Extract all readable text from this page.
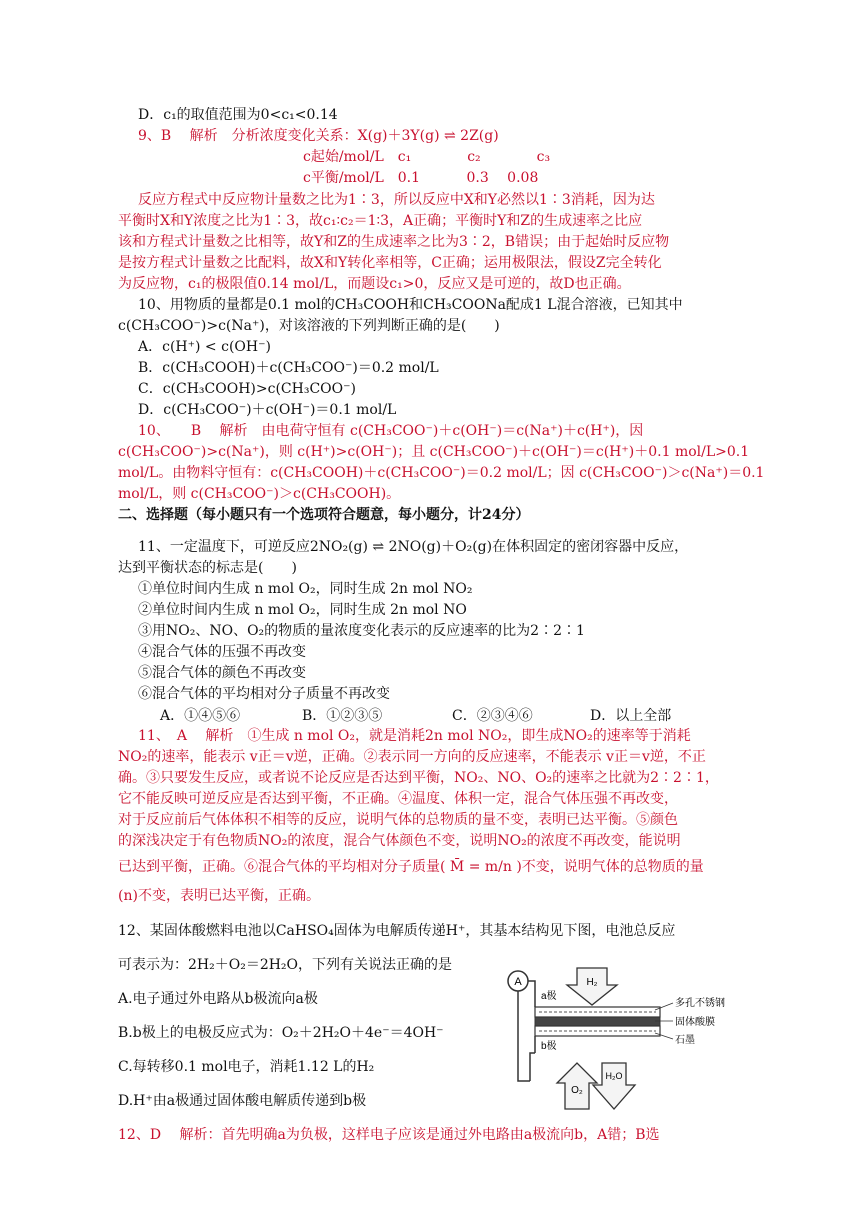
D．c₁的取值范围为0<c₁<0.14
9、B　 解析　分析浓度变化关系：X(g)＋3Y(g) ⇌ 2Z(g)
c起始/mol/L　c₁　　　　c₂　　　　c₃
c平衡/mol/L　0.1　　　 0.3　 0.08
反应方程式中反应物计量数之比为1∶3，所以反应中X和Y必然以1∶3消耗，因为达
平衡时X和Y浓度之比为1∶3，故c₁∶c₂＝1∶3，A正确；平衡时Y和Z的生成速率之比应
该和方程式计量数之比相等，故Y和Z的生成速率之比为3∶2，B错误；由于起始时反应物
是按方程式计量数之比配料，故X和Y转化率相等，C正确；运用极限法，假设Z完全转化
为反应物，c₁的极限值0.14 mol/L，而题设c₁>0，反应又是可逆的，故D也正确。
10、用物质的量都是0.1 mol的CH₃COOH和CH₃COONa配成1 L混合溶液，已知其中
c(CH₃COO⁻)>c(Na⁺)，对该溶液的下列判断正确的是(　　)
A．c(H⁺) < c(OH⁻)
B．c(CH₃COOH)＋c(CH₃COO⁻)＝0.2 mol/L
C．c(CH₃COOH)>c(CH₃COO⁻)
D．c(CH₃COO⁻)＋c(OH⁻)＝0.1 mol/L
10、　　B　 解析　由电荷守恒有 c(CH₃COO⁻)＋c(OH⁻)＝c(Na⁺)＋c(H⁺)，因
c(CH₃COO⁻)>c(Na⁺)，则 c(H⁺)>c(OH⁻)；且 c(CH₃COO⁻)＋c(OH⁻)＝c(H⁺)＋0.1 mol/L>0.1
mol/L。由物料守恒有：c(CH₃COOH)＋c(CH₃COO⁻)＝0.2 mol/L；因 c(CH₃COO⁻)＞c(Na⁺)＝0.1
mol/L，则 c(CH₃COO⁻)＞c(CH₃COOH)。
二、选择题（每小题只有一个选项符合题意，每小题分，计24分）
11、一定温度下，可逆反应2NO₂(g) ⇌ 2NO(g)＋O₂(g)在体积固定的密闭容器中反应，
达到平衡状态的标志是(　　)
①单位时间内生成 n mol O₂，同时生成 2n mol NO₂
②单位时间内生成 n mol O₂，同时生成 2n mol NO
③用NO₂、NO、O₂的物质的量浓度变化表示的反应速率的比为2∶2∶1
④混合气体的压强不再改变
⑤混合气体的颜色不再改变
⑥混合气体的平均相对分子质量不再改变
11、　A　 解析　①生成 n mol O₂，就是消耗2n mol NO₂，即生成NO₂的速率等于消耗
NO₂的速率，能表示 v正＝v逆，正确。②表示同一方向的反应速率，不能表示 v正＝v逆，不正
确。③只要发生反应，或者说不论反应是否达到平衡，NO₂、NO、O₂的速率之比就为2∶2∶1，
它不能反映可逆反应是否达到平衡，不正确。④温度、体积一定，混合气体压强不再改变，
对于反应前后气体体积不相等的反应，说明气体的总物质的量不变，表明已达平衡。⑤颜色
的深浅决定于有色物质NO₂的浓度，混合气体颜色不变，说明NO₂的浓度不再改变，能说明
已达到平衡，正确。⑥混合气体的平均相对分子质量( M̄ = m/n )不变，说明气体的总物质的量
(n)不变，表明已达平衡，正确。
12、某固体酸燃料电池以CaHSO₄固体为电解质传递H⁺，其基本结构见下图，电池总反应
可表示为：2H₂＋O₂＝2H₂O，下列有关说法正确的是
A.电子通过外电路从b极流向a极
B.b极上的电极反应式为：O₂＋2H₂O＋4e⁻＝4OH⁻
C.每转移0.1 mol电子，消耗1.12 L的H₂
D.H⁺由a极通过固体酸电解质传递到b极
12、D　 解析：首先明确a为负极，这样电子应该是通过外电路由a极流向b，A错；B选
A．①④⑤⑥	B．①②③⑤	C．②③④⑥	D．以上全部
A	H₂
a极
b极
O₂
H₂O
多孔不锈钢
固体酸膜
石墨
